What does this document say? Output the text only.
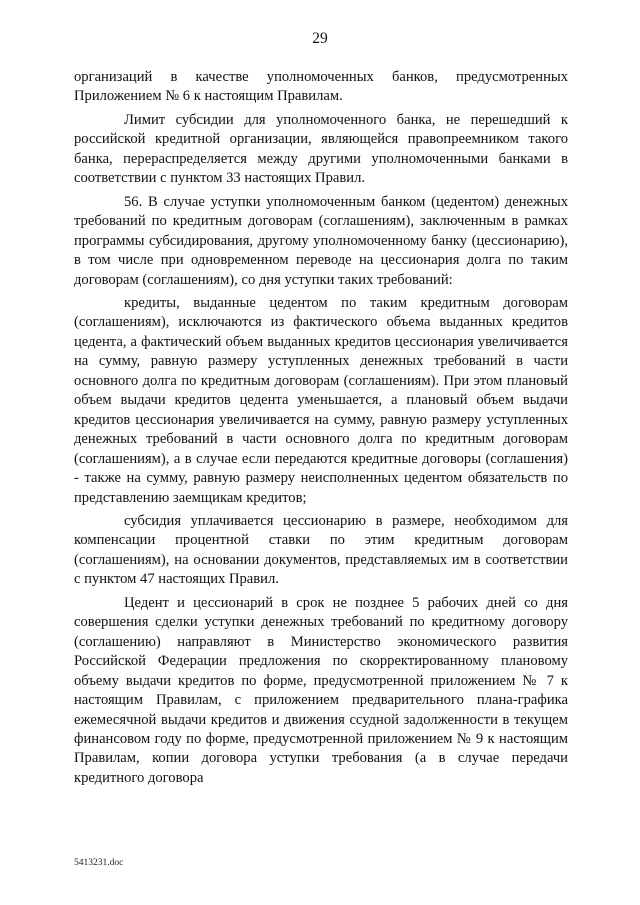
29

организаций в качестве уполномоченных банков, предусмотренных Приложением № 6 к настоящим Правилам.

Лимит субсидии для уполномоченного банка, не перешедший к российской кредитной организации, являющейся правопреемником такого банка, перераспределяется между другими уполномоченными банками в соответствии с пунктом 33 настоящих Правил.

56. В случае уступки уполномоченным банком (цедентом) денежных требований по кредитным договорам (соглашениям), заключенным в рамках программы субсидирования, другому уполномоченному банку (цессионарию), в том числе при одновременном переводе на цессионария долга по таким договорам (соглашениям), со дня уступки таких требований:

кредиты, выданные цедентом по таким кредитным договорам (соглашениям), исключаются из фактического объема выданных кредитов цедента, а фактический объем выданных кредитов цессионария увеличивается на сумму, равную размеру уступленных денежных требований в части основного долга по кредитным договорам (соглашениям). При этом плановый объем выдачи кредитов цедента уменьшается, а плановый объем выдачи кредитов цессионария увеличивается на сумму, равную размеру уступленных денежных требований в части основного долга по кредитным договорам (соглашениям), а в случае если передаются кредитные договоры (соглашения) - также на сумму, равную размеру неисполненных цедентом обязательств по представлению заемщикам кредитов;

субсидия уплачивается цессионарию в размере, необходимом для компенсации процентной ставки по этим кредитным договорам (соглашениям), на основании документов, представляемых им в соответствии с пунктом 47 настоящих Правил.

Цедент и цессионарий в срок не позднее 5 рабочих дней со дня совершения сделки уступки денежных требований по кредитному договору (соглашению) направляют в Министерство экономического развития Российской Федерации предложения по скорректированному плановому объему выдачи кредитов по форме, предусмотренной приложением № 7 к настоящим Правилам, с приложением предварительного плана-графика ежемесячной выдачи кредитов и движения ссудной задолженности в текущем финансовом году по форме, предусмотренной приложением № 9 к настоящим Правилам, копии договора уступки требования (а в случае передачи кредитного договора

5413231.doc
